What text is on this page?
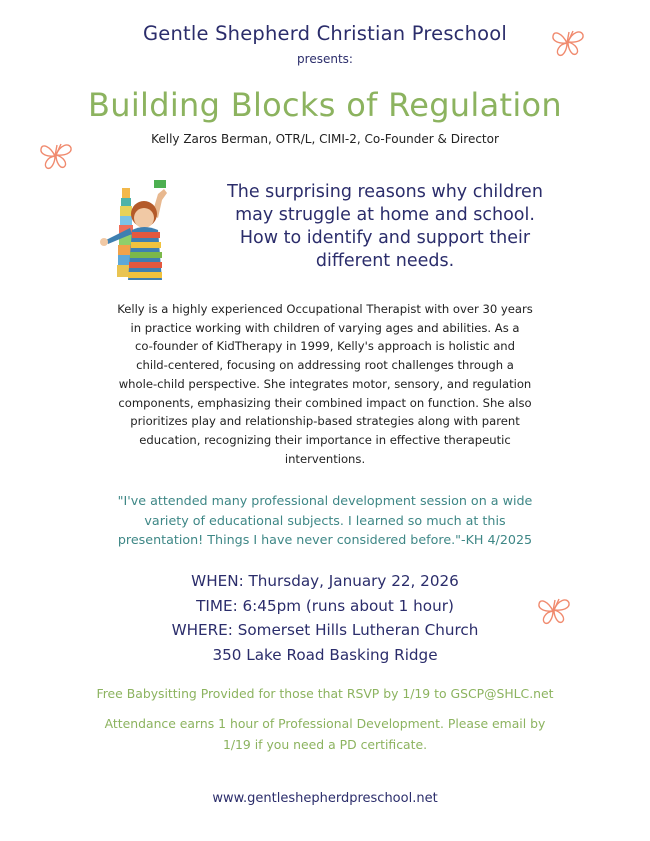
Gentle Shepherd Christian Preschool
presents:
Building Blocks of Regulation
Kelly Zaros Berman, OTR/L, CIMI-2, Co-Founder & Director
The surprising reasons why children
may struggle at home and school.
How to identify and support their
different needs.
Kelly is a highly experienced Occupational Therapist with over 30 years
in practice working with children of varying ages and abilities. As a
co-founder of KidTherapy in 1999, Kelly's approach is holistic and
child-centered, focusing on addressing root challenges through a
whole-child perspective. She integrates motor, sensory, and regulation
components, emphasizing their combined impact on function. She also
prioritizes play and relationship-based strategies along with parent
education, recognizing their importance in effective therapeutic
interventions.
"I've attended many professional development session on a wide
variety of educational subjects. I learned so much at this
presentation! Things I have never considered before."-KH 4/2025
WHEN: Thursday, January 22, 2026
TIME: 6:45pm (runs about 1 hour)
WHERE: Somerset Hills Lutheran Church
350 Lake Road Basking Ridge
Free Babysitting Provided for those that RSVP by 1/19 to GSCP@SHLC.net
Attendance earns 1 hour of Professional Development. Please email by
1/19 if you need a PD certificate.
www.gentleshepherdpreschool.net
